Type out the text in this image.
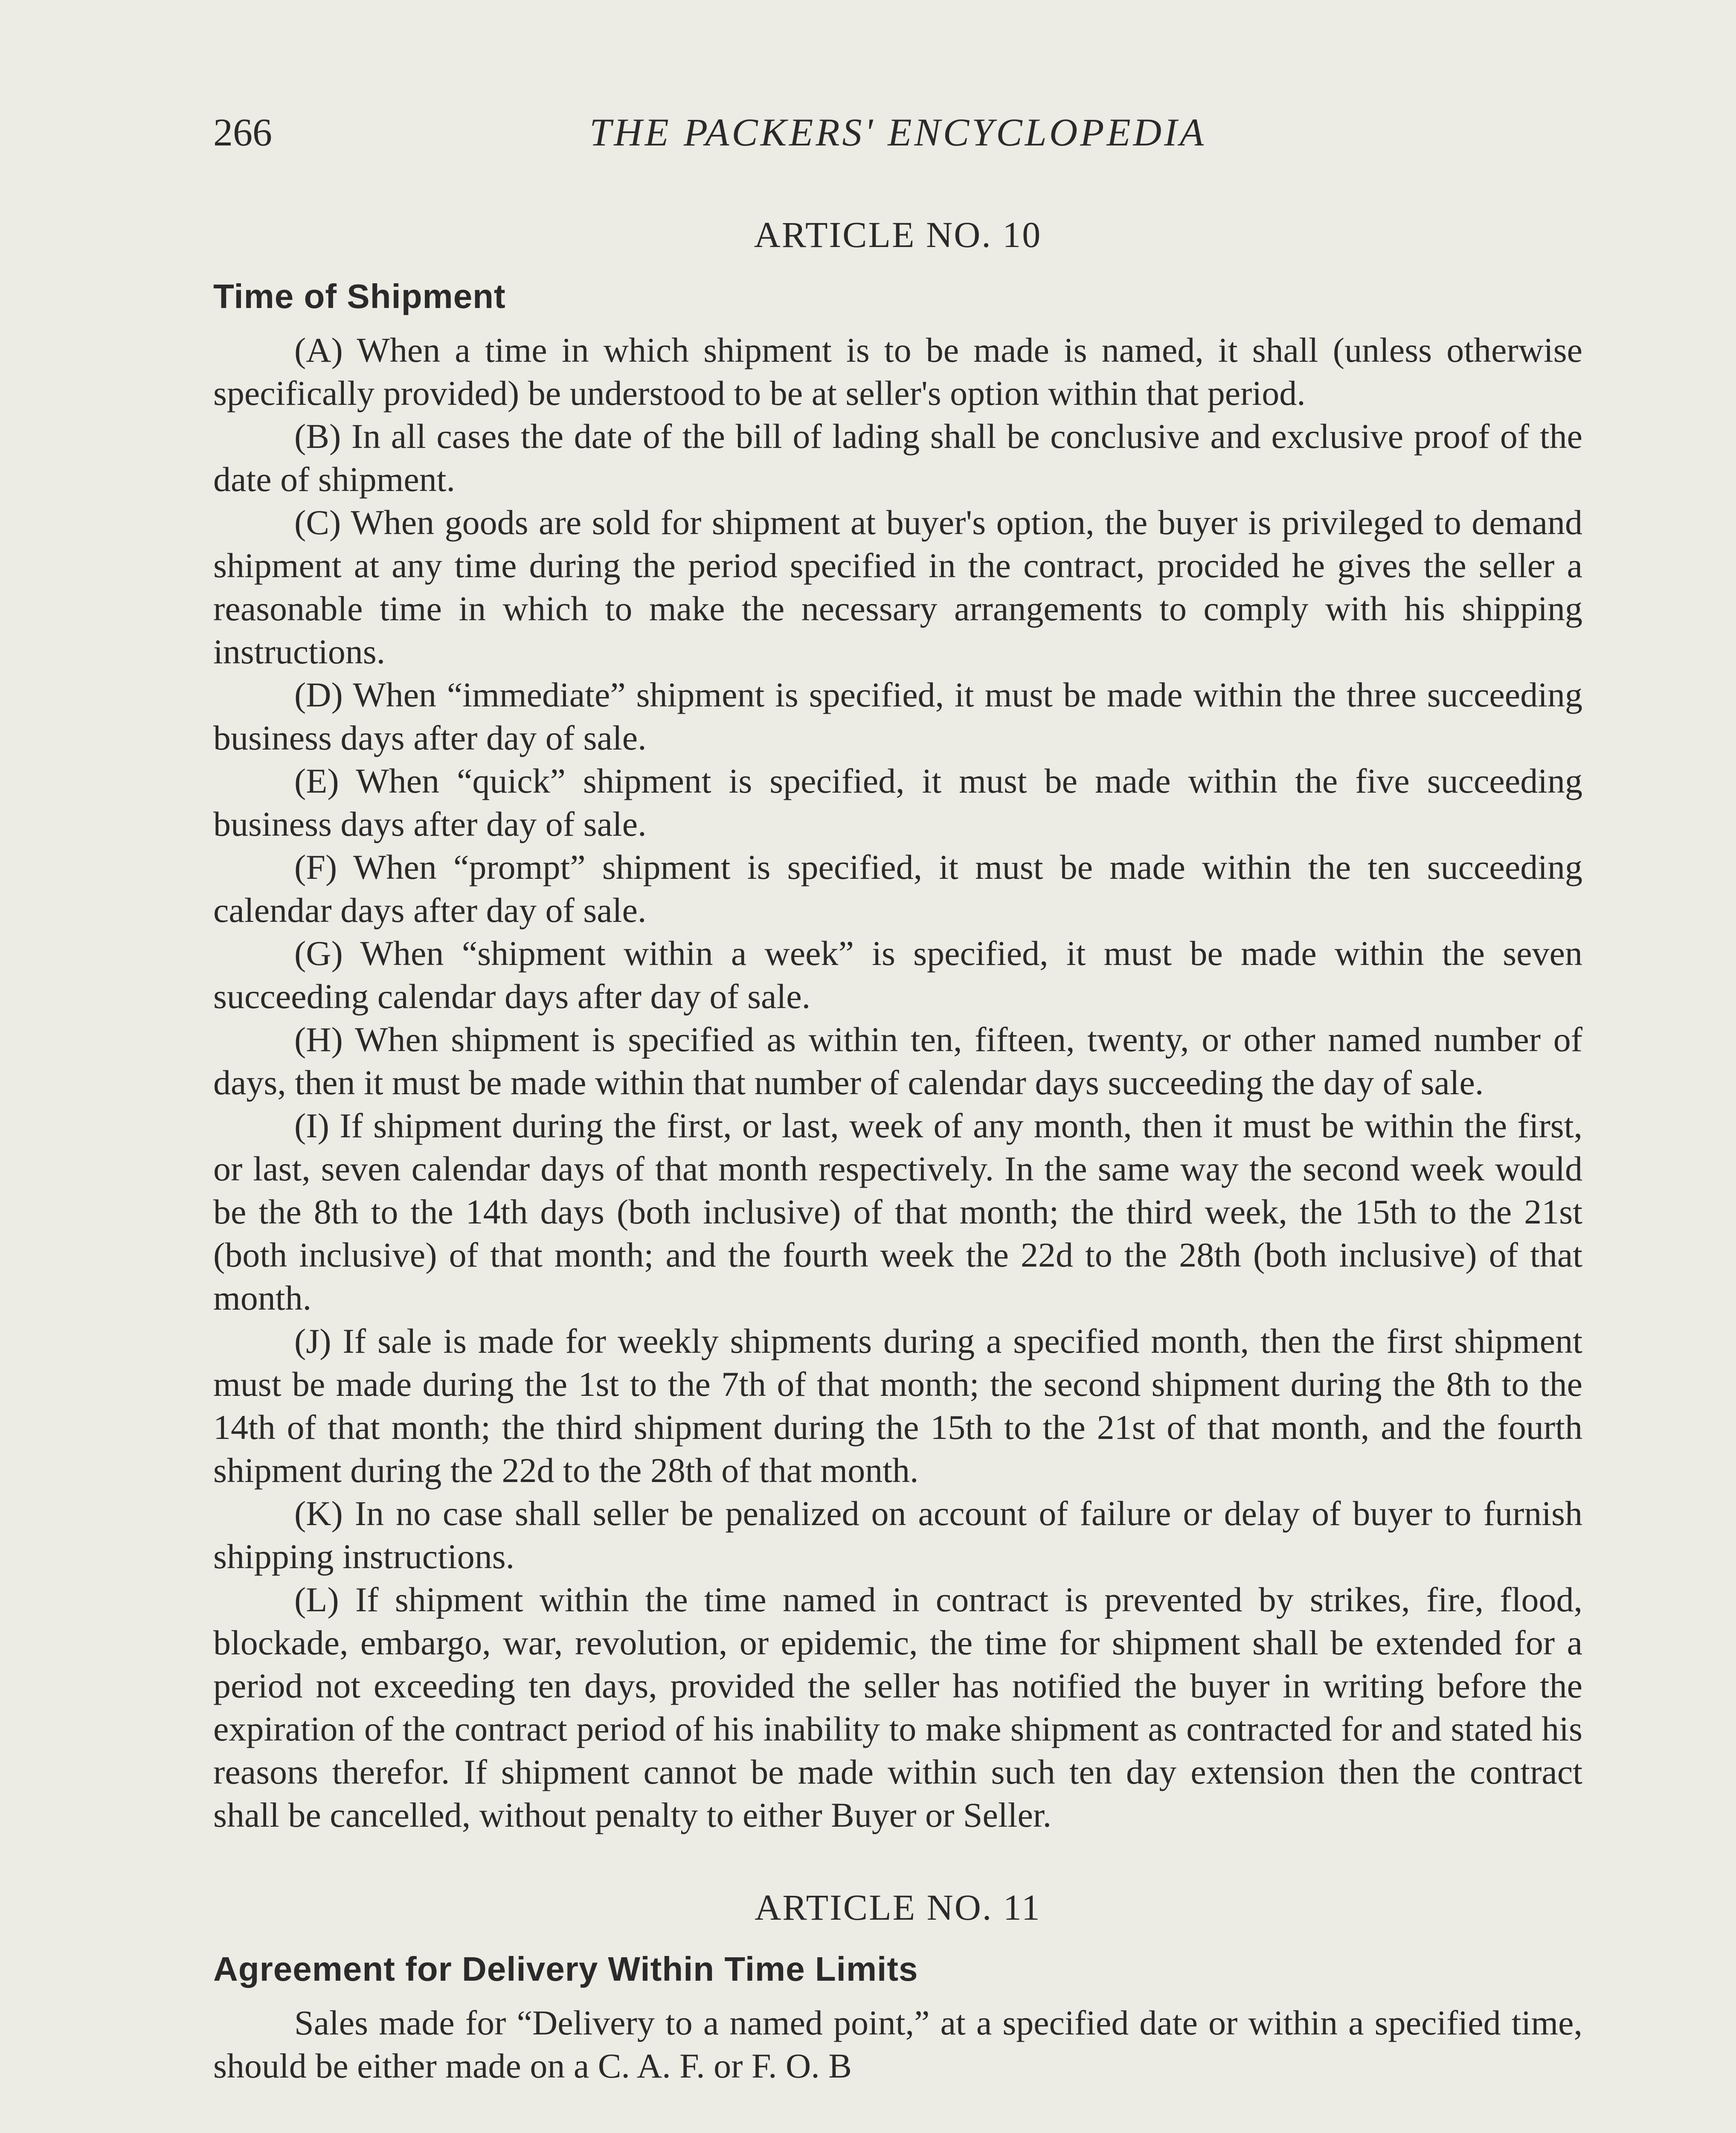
266	THE PACKERS' ENCYCLOPEDIA
ARTICLE NO. 10
Time of Shipment

(A) When a time in which shipment is to be made is named, it shall (unless otherwise specifically provided) be understood to be at seller's option within that period.

(B) In all cases the date of the bill of lading shall be conclusive and exclusive proof of the date of shipment.

(C) When goods are sold for shipment at buyer's option, the buyer is privileged to demand shipment at any time during the period specified in the contract, procided he gives the seller a reasonable time in which to make the necessary arrangements to comply with his shipping instructions.

(D) When “immediate” shipment is specified, it must be made within the three succeeding business days after day of sale.

(E) When “quick” shipment is specified, it must be made within the five succeeding business days after day of sale.

(F) When “prompt” shipment is specified, it must be made within the ten succeeding calendar days after day of sale.

(G) When “shipment within a week” is specified, it must be made within the seven succeeding calendar days after day of sale.

(H) When shipment is specified as within ten, fifteen, twenty, or other named number of days, then it must be made within that number of calendar days succeeding the day of sale.

(I) If shipment during the first, or last, week of any month, then it must be within the first, or last, seven calendar days of that month respectively. In the same way the second week would be the 8th to the 14th days (both inclusive) of that month; the third week, the 15th to the 21st (both inclusive) of that month; and the fourth week the 22d to the 28th (both inclusive) of that month.

(J) If sale is made for weekly shipments during a specified month, then the first shipment must be made during the 1st to the 7th of that month; the second shipment during the 8th to the 14th of that month; the third shipment during the 15th to the 21st of that month, and the fourth shipment during the 22d to the 28th of that month.

(K) In no case shall seller be penalized on account of failure or delay of buyer to furnish shipping instructions.

(L) If shipment within the time named in contract is prevented by strikes, fire, flood, blockade, embargo, war, revolution, or epidemic, the time for shipment shall be extended for a period not exceeding ten days, provided the seller has notified the buyer in writing before the expiration of the contract period of his inability to make shipment as contracted for and stated his reasons therefor. If shipment cannot be made within such ten day extension then the contract shall be cancelled, without penalty to either Buyer or Seller.

ARTICLE NO. 11
Agreement for Delivery Within Time Limits

Sales made for “Delivery to a named point,” at a specified date or within a specified time, should be either made on a C. A. F. or F. O. B
